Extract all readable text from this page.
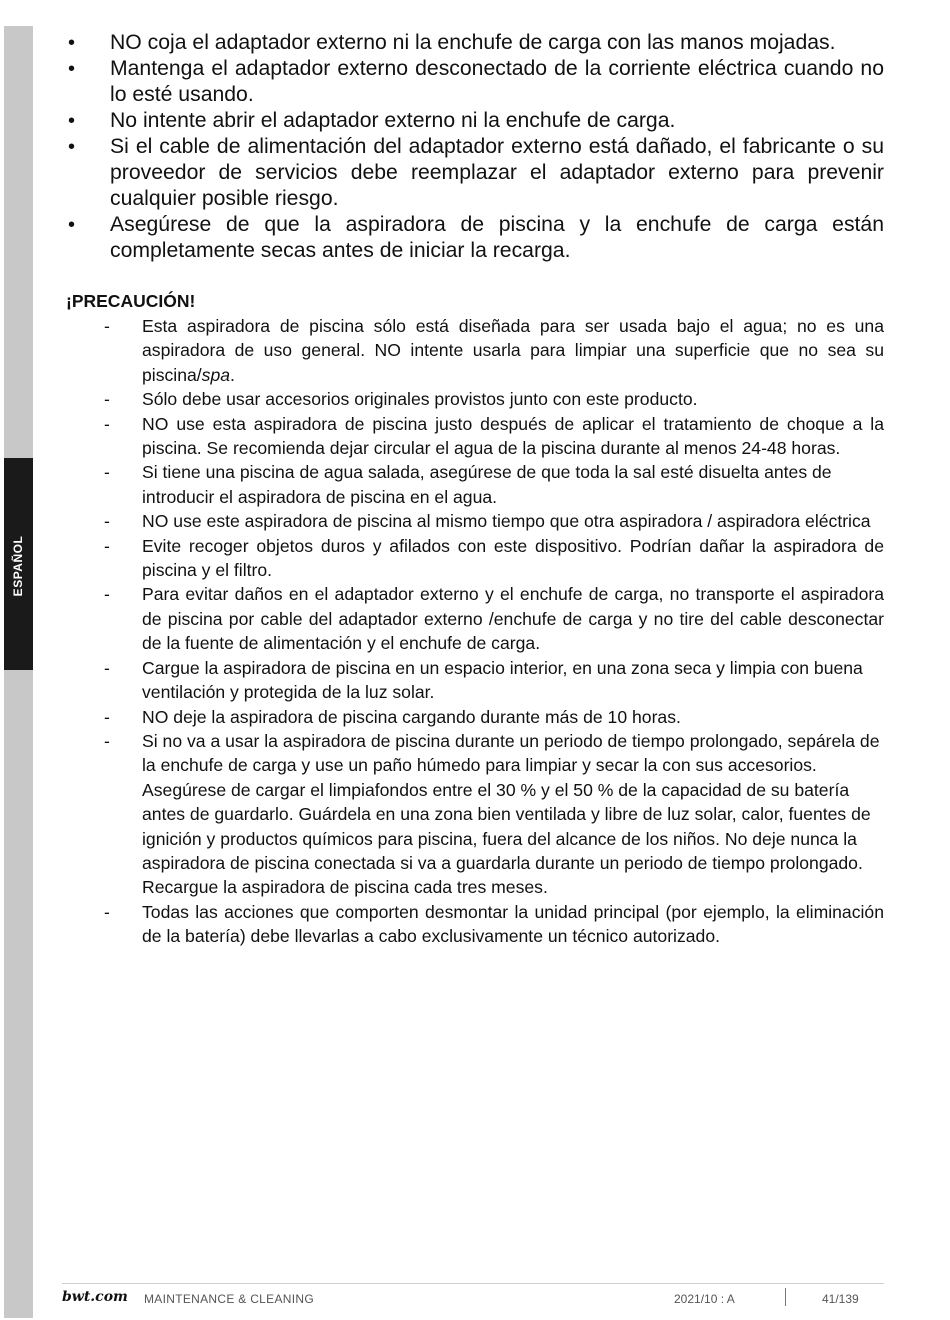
ESPAÑOL
• NO coja el adaptador externo ni la enchufe de carga con las manos mojadas.
• Mantenga el adaptador externo desconectado de la corriente eléctrica cuando no lo esté usando.
• No intente abrir el adaptador externo ni la enchufe de carga.
• Si el cable de alimentación del adaptador externo está dañado, el fabricante o su proveedor de servicios debe reemplazar el adaptador externo para prevenir cualquier posible riesgo.
• Asegúrese de que la aspiradora de piscina y la enchufe de carga están completamente secas antes de iniciar la recarga.
¡PRECAUCIÓN!
- Esta aspiradora de piscina sólo está diseñada para ser usada bajo el agua; no es una aspiradora de uso general. NO intente usarla para limpiar una superficie que no sea su piscina/spa.
- Sólo debe usar accesorios originales provistos junto con este producto.
- NO use esta aspiradora de piscina justo después de aplicar el tratamiento de choque a la piscina. Se recomienda dejar circular el agua de la piscina durante al menos 24-48 horas.
- Si tiene una piscina de agua salada, asegúrese de que toda la sal esté disuelta antes de introducir el aspiradora de piscina en el agua.
- NO use este aspiradora de piscina al mismo tiempo que otra aspiradora / aspiradora eléctrica
- Evite recoger objetos duros y afilados con este dispositivo. Podrían dañar la aspiradora de piscina y el filtro.
- Para evitar daños en el adaptador externo y el enchufe de carga, no transporte el aspiradora de piscina por cable del adaptador externo /enchufe de carga y no tire del cable desconectar de la fuente de alimentación y el enchufe de carga.
- Cargue la aspiradora de piscina en un espacio interior, en una zona seca y limpia con buena ventilación y protegida de la luz solar.
- NO deje la aspiradora de piscina cargando durante más de 10 horas.
- Si no va a usar la aspiradora de piscina durante un periodo de tiempo prolongado, sepárela de la enchufe de carga y use un paño húmedo para limpiar y secar la con sus accesorios. Asegúrese de cargar el limpiafondos entre el 30 % y el 50 % de la capacidad de su batería antes de guardarlo. Guárdela en una zona bien ventilada y libre de luz solar, calor, fuentes de ignición y productos químicos para piscina, fuera del alcance de los niños. No deje nunca la aspiradora de piscina conectada si va a guardarla durante un periodo de tiempo prolongado. Recargue la aspiradora de piscina cada tres meses.
- Todas las acciones que comporten desmontar la unidad principal (por ejemplo, la eliminación de la batería) debe llevarlas a cabo exclusivamente un técnico autorizado.
bwt.com MAINTENANCE & CLEANING	2021/10 : A	41/139
